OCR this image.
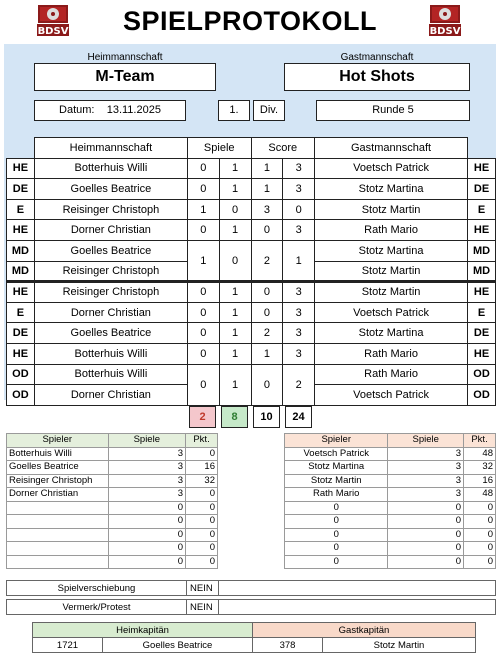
BDSV	BDSV
SPIELPROTOKOLL
Heimmannschaft
M-Team
Gastmannschaft
Hot Shots
Datum: 13.11.2025	1.	Div.	Runde 5
	Heimmannschaft	Spiele		Score		Gastmannschaft	
HE	Botterhuis Willi	0	1	1	3	Voetsch Patrick	HE
DE	Goelles Beatrice	0	1	1	3	Stotz Martina	DE
E	Reisinger Christoph	1	0	3	0	Stotz Martin	E
HE	Dorner Christian	0	1	0	3	Rath Mario	HE
MD	Goelles Beatrice	1	0	2	1	Stotz Martina	MD
MD	Reisinger Christoph					Stotz Martin	MD
HE	Reisinger Christoph	0	1	0	3	Stotz Martin	HE
E	Dorner Christian	0	1	0	3	Voetsch Patrick	E
DE	Goelles Beatrice	0	1	2	3	Stotz Martina	DE
HE	Botterhuis Willi	0	1	1	3	Rath Mario	HE
OD	Botterhuis Willi	0	1	0	2	Rath Mario	OD
OD	Dorner Christian					Voetsch Patrick	OD
2	8	10	24
Spieler	Spiele	Pkt.
Botterhuis Willi	3	0
Goelles Beatrice	3	16
Reisinger Christoph	3	32
Dorner Christian	3	0
	0	0
	0	0
	0	0
	0	0
	0	0
Spieler	Spiele	Pkt.
Voetsch Patrick	3	48
Stotz Martina	3	32
Stotz Martin	3	16
Rath Mario	3	48
0	0	0
0	0	0
0	0	0
0	0	0
0	0	0
Spielverschiebung	NEIN	
Vermerk/Protest	NEIN	
Heimkapitän		Gastkapitän	
1721	Goelles Beatrice	378	Stotz Martin
